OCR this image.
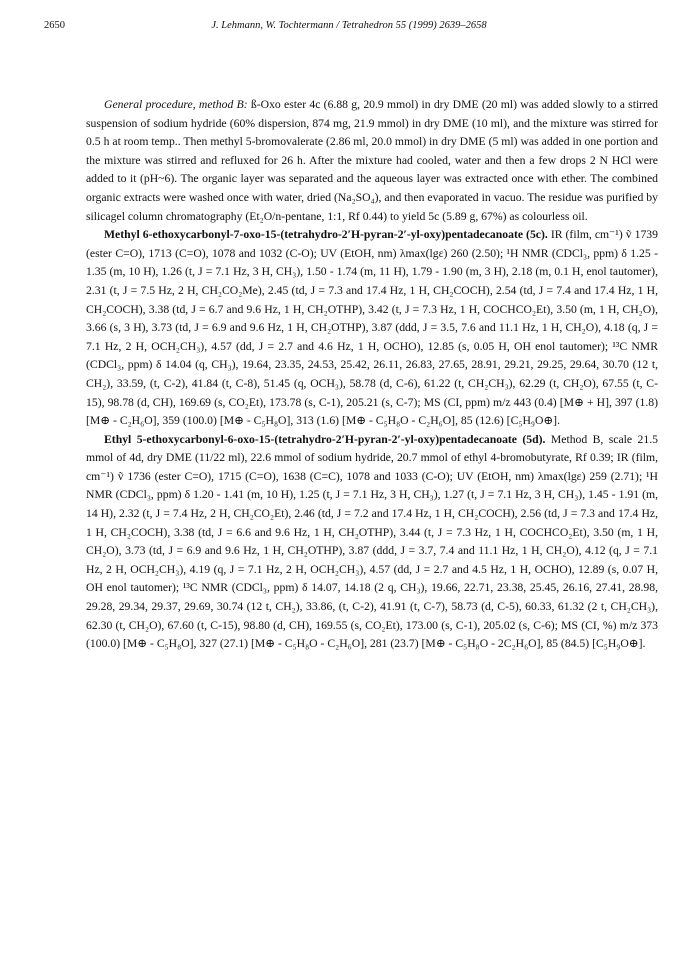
2650	J. Lehmann, W. Tochtermann / Tetrahedron 55 (1999) 2639–2658

General procedure, method B: ß-Oxo ester 4c (6.88 g, 20.9 mmol) in dry DME (20 ml) was added slowly to a stirred suspension of sodium hydride (60% dispersion, 874 mg, 21.9 mmol) in dry DME (10 ml), and the mixture was stirred for 0.5 h at room temp.. Then methyl 5-bromovalerate (2.86 ml, 20.0 mmol) in dry DME (5 ml) was added in one portion and the mixture was stirred and refluxed for 26 h. After the mixture had cooled, water and then a few drops 2 N HCl were added to it (pH~6). The organic layer was separated and the aqueous layer was extracted once with ether. The combined organic extracts were washed once with water, dried (Na₂SO₄), and then evaporated in vacuo. The residue was purified by silicagel column chromatography (Et₂O/n-pentane, 1:1, Rf 0.44) to yield 5c (5.89 g, 67%) as colourless oil.

Methyl 6-ethoxycarbonyl-7-oxo-15-(tetrahydro-2′H-pyran-2′-yl-oxy)pentadecanoate (5c). IR (film, cm⁻¹) ṽ 1739 (ester C=O), 1713 (C=O), 1078 and 1032 (C-O); UV (EtOH, nm) λmax(lgε) 260 (2.50); ¹H NMR (CDCl₃, ppm) δ 1.25 - 1.35 (m, 10 H), 1.26 (t, J = 7.1 Hz, 3 H, CH₃), 1.50 - 1.74 (m, 11 H), 1.79 - 1.90 (m, 3 H), 2.18 (m, 0.1 H, enol tautomer), 2.31 (t, J = 7.5 Hz, 2 H, CH₂CO₂Me), 2.45 (td, J = 7.3 and 17.4 Hz, 1 H, CH₂COCH), 2.54 (td, J = 7.4 and 17.4 Hz, 1 H, CH₂COCH), 3.38 (td, J = 6.7 and 9.6 Hz, 1 H, CH₂OTHP), 3.42 (t, J = 7.3 Hz, 1 H, COCHCO₂Et), 3.50 (m, 1 H, CH₂O), 3.66 (s, 3 H), 3.73 (td, J = 6.9 and 9.6 Hz, 1 H, CH₂OTHP), 3.87 (ddd, J = 3.5, 7.6 and 11.1 Hz, 1 H, CH₂O), 4.18 (q, J = 7.1 Hz, 2 H, OCH₂CH₃), 4.57 (dd, J = 2.7 and 4.6 Hz, 1 H, OCHO), 12.85 (s, 0.05 H, OH enol tautomer); ¹³C NMR (CDCl₃, ppm) δ 14.04 (q, CH₃), 19.64, 23.35, 24.53, 25.42, 26.11, 26.83, 27.65, 28.91, 29.21, 29.25, 29.64, 30.70 (12 t, CH₂), 33.59, (t, C-2), 41.84 (t, C-8), 51.45 (q, OCH₃), 58.78 (d, C-6), 61.22 (t, CH₂CH₃), 62.29 (t, CH₂O), 67.55 (t, C-15), 98.78 (d, CH), 169.69 (s, CO₂Et), 173.78 (s, C-1), 205.21 (s, C-7); MS (CI, ppm) m/z 443 (0.4) [M⊕ + H], 397 (1.8) [M⊕ - C₂H₆O], 359 (100.0) [M⊕ - C₅H₈O], 313 (1.6) [M⊕ - C₅H₈O - C₂H₆O], 85 (12.6) [C₅H₉O⊕].

Ethyl 5-ethoxycarbonyl-6-oxo-15-(tetrahydro-2′H-pyran-2′-yl-oxy)pentadecanoate (5d). Method B, scale 21.5 mmol of 4d, dry DME (11/22 ml), 22.6 mmol of sodium hydride, 20.7 mmol of ethyl 4-bromobutyrate, Rf 0.39; IR (film, cm⁻¹) ṽ 1736 (ester C=O), 1715 (C=O), 1638 (C=C), 1078 and 1033 (C-O); UV (EtOH, nm) λmax(lgε) 259 (2.71); ¹H NMR (CDCl₃, ppm) δ 1.20 - 1.41 (m, 10 H), 1.25 (t, J = 7.1 Hz, 3 H, CH₃), 1.27 (t, J = 7.1 Hz, 3 H, CH₃), 1.45 - 1.91 (m, 14 H), 2.32 (t, J = 7.4 Hz, 2 H, CH₂CO₂Et), 2.46 (td, J = 7.2 and 17.4 Hz, 1 H, CH₂COCH), 2.56 (td, J = 7.3 and 17.4 Hz, 1 H, CH₂COCH), 3.38 (td, J = 6.6 and 9.6 Hz, 1 H, CH₂OTHP), 3.44 (t, J = 7.3 Hz, 1 H, COCHCO₂Et), 3.50 (m, 1 H, CH₂O), 3.73 (td, J = 6.9 and 9.6 Hz, 1 H, CH₂OTHP), 3.87 (ddd, J = 3.7, 7.4 and 11.1 Hz, 1 H, CH₂O), 4.12 (q, J = 7.1 Hz, 2 H, OCH₂CH₃), 4.19 (q, J = 7.1 Hz, 2 H, OCH₂CH₃), 4.57 (dd, J = 2.7 and 4.5 Hz, 1 H, OCHO), 12.89 (s, 0.07 H, OH enol tautomer); ¹³C NMR (CDCl₃, ppm) δ 14.07, 14.18 (2 q, CH₃), 19.66, 22.71, 23.38, 25.45, 26.16, 27.41, 28.98, 29.28, 29.34, 29.37, 29.69, 30.74 (12 t, CH₂), 33.86, (t, C-2), 41.91 (t, C-7), 58.73 (d, C-5), 60.33, 61.32 (2 t, CH₂CH₃), 62.30 (t, CH₂O), 67.60 (t, C-15), 98.80 (d, CH), 169.55 (s, CO₂Et), 173.00 (s, C-1), 205.02 (s, C-6); MS (CI, %) m/z 373 (100.0) [M⊕ - C₅H₈O], 327 (27.1) [M⊕ - C₅H₈O - C₂H₆O], 281 (23.7) [M⊕ - C₅H₈O - 2C₂H₆O], 85 (84.5) [C₅H₉O⊕].
